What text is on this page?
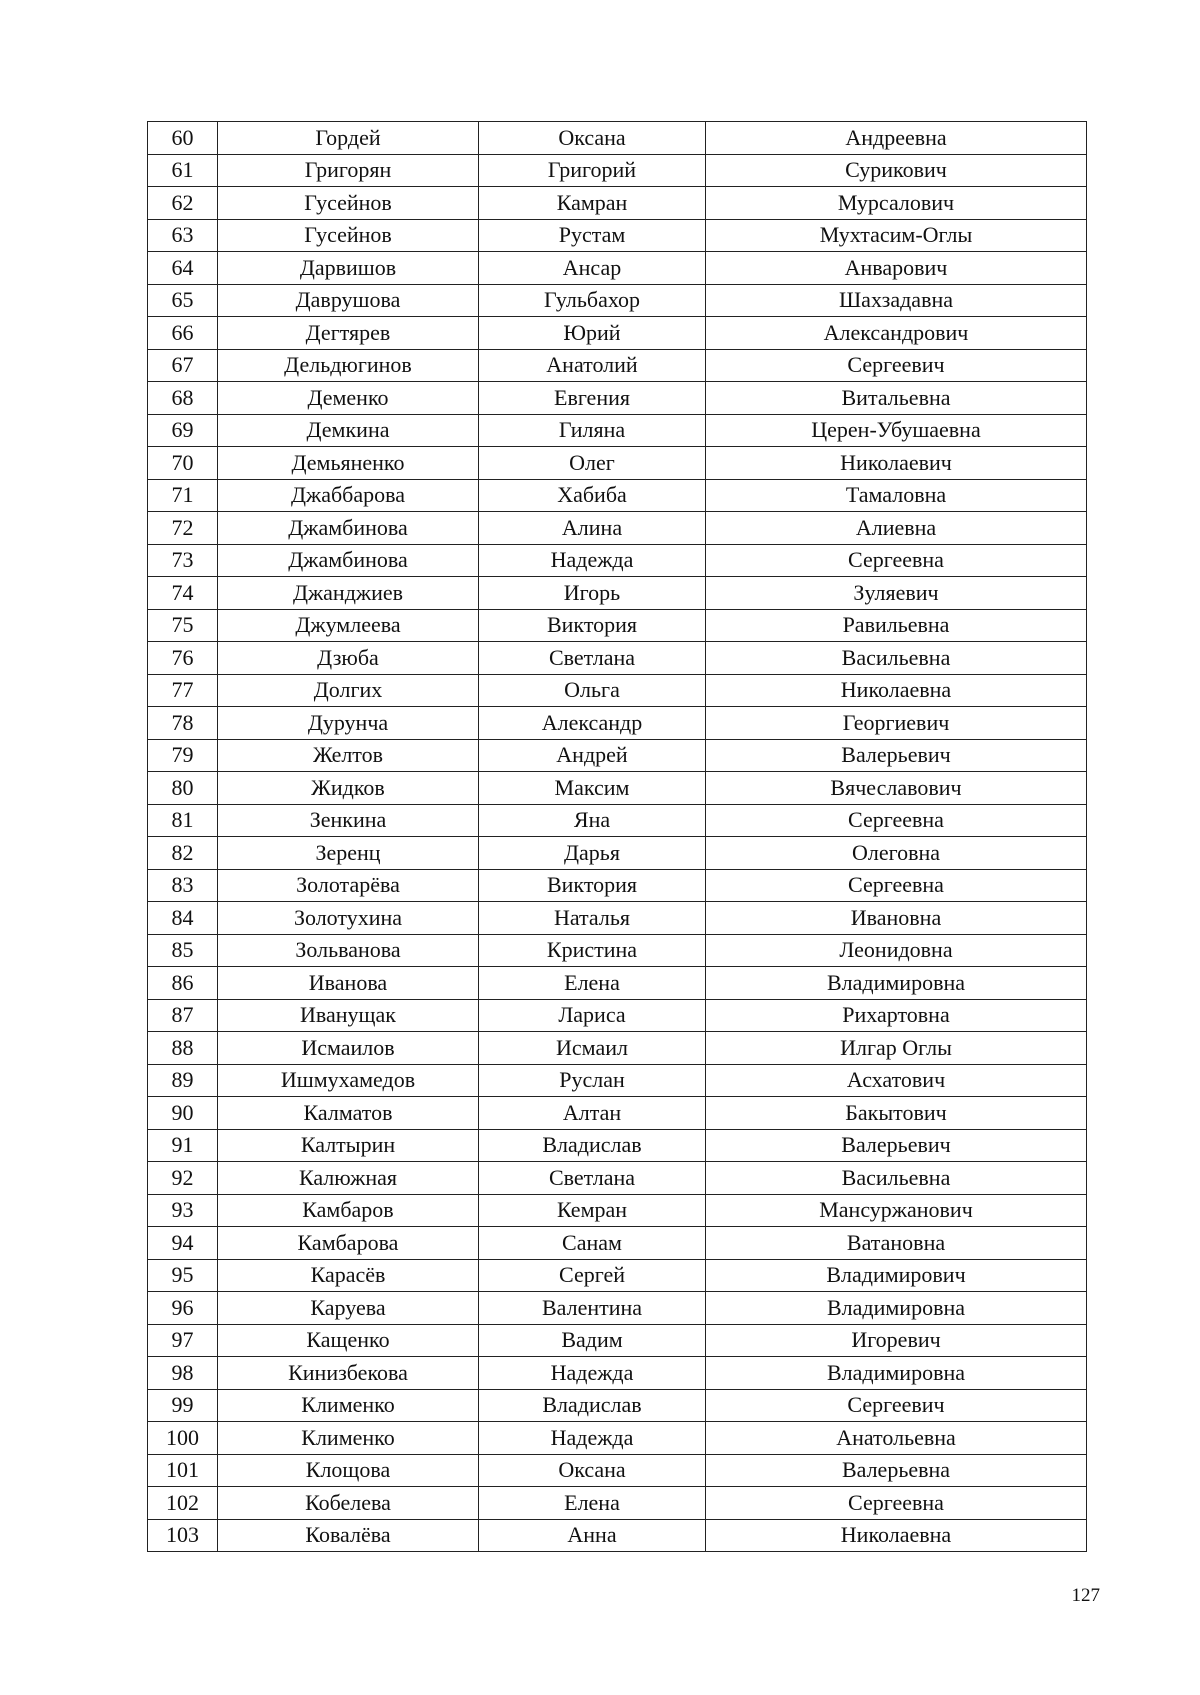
60	Гордей	Оксана	Андреевна
61	Григорян	Григорий	Сурикович
62	Гусейнов	Камран	Мурсалович
63	Гусейнов	Рустам	Мухтасим-Оглы
64	Дарвишов	Ансар	Анварович
65	Даврушова	Гульбахор	Шахзадавна
66	Дегтярев	Юрий	Александрович
67	Дельдюгинов	Анатолий	Сергеевич
68	Деменко	Евгения	Витальевна
69	Демкина	Гиляна	Церен-Убушаевна
70	Демьяненко	Олег	Николаевич
71	Джаббарова	Хабиба	Тамаловна
72	Джамбинова	Алина	Алиевна
73	Джамбинова	Надежда	Сергеевна
74	Джанджиев	Игорь	Зуляевич
75	Джумлеева	Виктория	Равильевна
76	Дзюба	Светлана	Васильевна
77	Долгих	Ольга	Николаевна
78	Дурунча	Александр	Георгиевич
79	Желтов	Андрей	Валерьевич
80	Жидков	Максим	Вячеславович
81	Зенкина	Яна	Сергеевна
82	Зеренц	Дарья	Олеговна
83	Золотарёва	Виктория	Сергеевна
84	Золотухина	Наталья	Ивановна
85	Зольванова	Кристина	Леонидовна
86	Иванова	Елена	Владимировна
87	Иванущак	Лариса	Рихартовна
88	Исмаилов	Исмаил	Илгар Оглы
89	Ишмухамедов	Руслан	Асхатович
90	Калматов	Алтан	Бакытович
91	Калтырин	Владислав	Валерьевич
92	Калюжная	Светлана	Васильевна
93	Камбаров	Кемран	Мансуржанович
94	Камбарова	Санам	Ватановна
95	Карасёв	Сергей	Владимирович
96	Каруева	Валентина	Владимировна
97	Кащенко	Вадим	Игоревич
98	Кинизбекова	Надежда	Владимировна
99	Клименко	Владислав	Сергеевич
100	Клименко	Надежда	Анатольевна
101	Клощова	Оксана	Валерьевна
102	Кобелева	Елена	Сергеевна
103	Ковалёва	Анна	Николаевна
127
